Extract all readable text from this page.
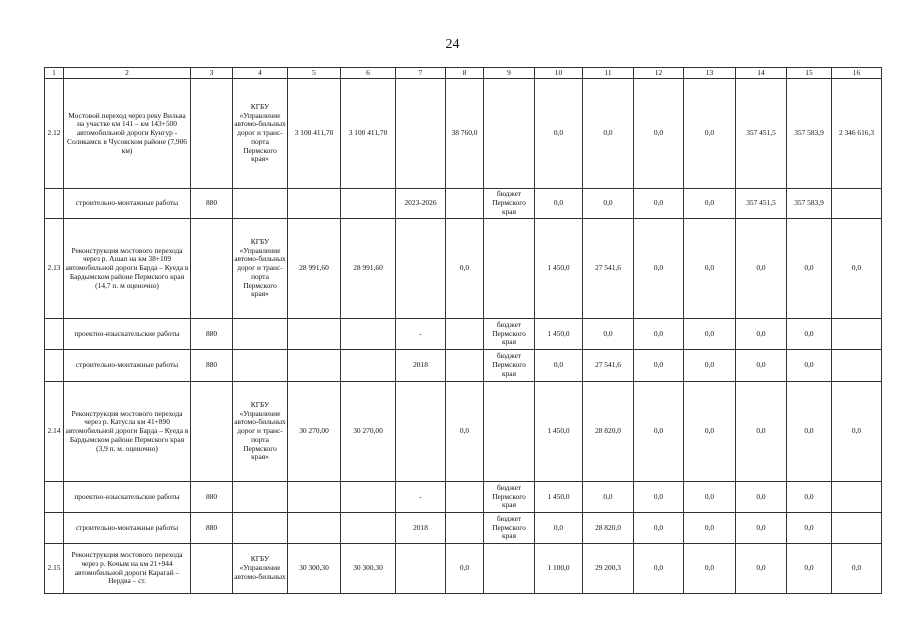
24
1	2	3	4	5	6	7	8	9	10	11	12	13	14	15	16
2.12	Мостовой переход через реку Вильва на участке км 141 – км 143+500 автомобильной дороги Кунгур - Соликамск в Чусовском районе (7,906 км)		КГБУ «Управление автомо-бильных дорог и транс-порта Пермского края»	3 100 411,70	3 100 411,70		38 760,0		0,0	0,0	0,0	0,0	357 451,5	357 583,9	2 346 616,3
	строительно-монтажные работы	880				2023-2026		бюджет Пермского края	0,0	0,0	0,0	0,0	357 451,5	357 583,9	
2.13	Реконструкция мостового перехода через р. Ашап на км 38+109 автомобильной дороги Барда – Куеда в Бардымском районе Пермского края (14,7 п. м оценочно)		КГБУ «Управление автомо-бильных дорог и транс-порта Пермского края»	28 991,60	28 991,60		0,0		1 450,0	27 541,6	0,0	0,0	0,0	0,0	0,0
	проектно-изыскательские работы	880				-		бюджет Пермского края	1 450,0	0,0	0,0	0,0	0,0	0,0	
	строительно-монтажные работы	880				2018		бюджет Пермского края	0,0	27 541,6	0,0	0,0	0,0	0,0	
2.14	Реконструкция мостового перехода через р. Катусла км 41+890 автомобильной дороги Барда – Куеда в Бардымском районе Пермского края (3,9 п. м. оценочно)		КГБУ «Управление автомо-бильных дорог и транс-порта Пермского края»	30 270,00	30 270,00		0,0		1 450,0	28 820,0	0,0	0,0	0,0	0,0	0,0
	проектно-изыскательские работы	880				-		бюджет Пермского края	1 450,0	0,0	0,0	0,0	0,0	0,0	
	строительно-монтажные работы	880				2018		бюджет Пермского края	0,0	28 820,0	0,0	0,0	0,0	0,0	
2.15	Реконструкция мостового перехода через р. Кочым на км 21+944 автомобильной дороги Карагай – Нердва – ст.		КГБУ «Управление автомо-бильных	30 300,30	30 300,30		0,0		1 100,0	29 200,3	0,0	0,0	0,0	0,0	0,0
